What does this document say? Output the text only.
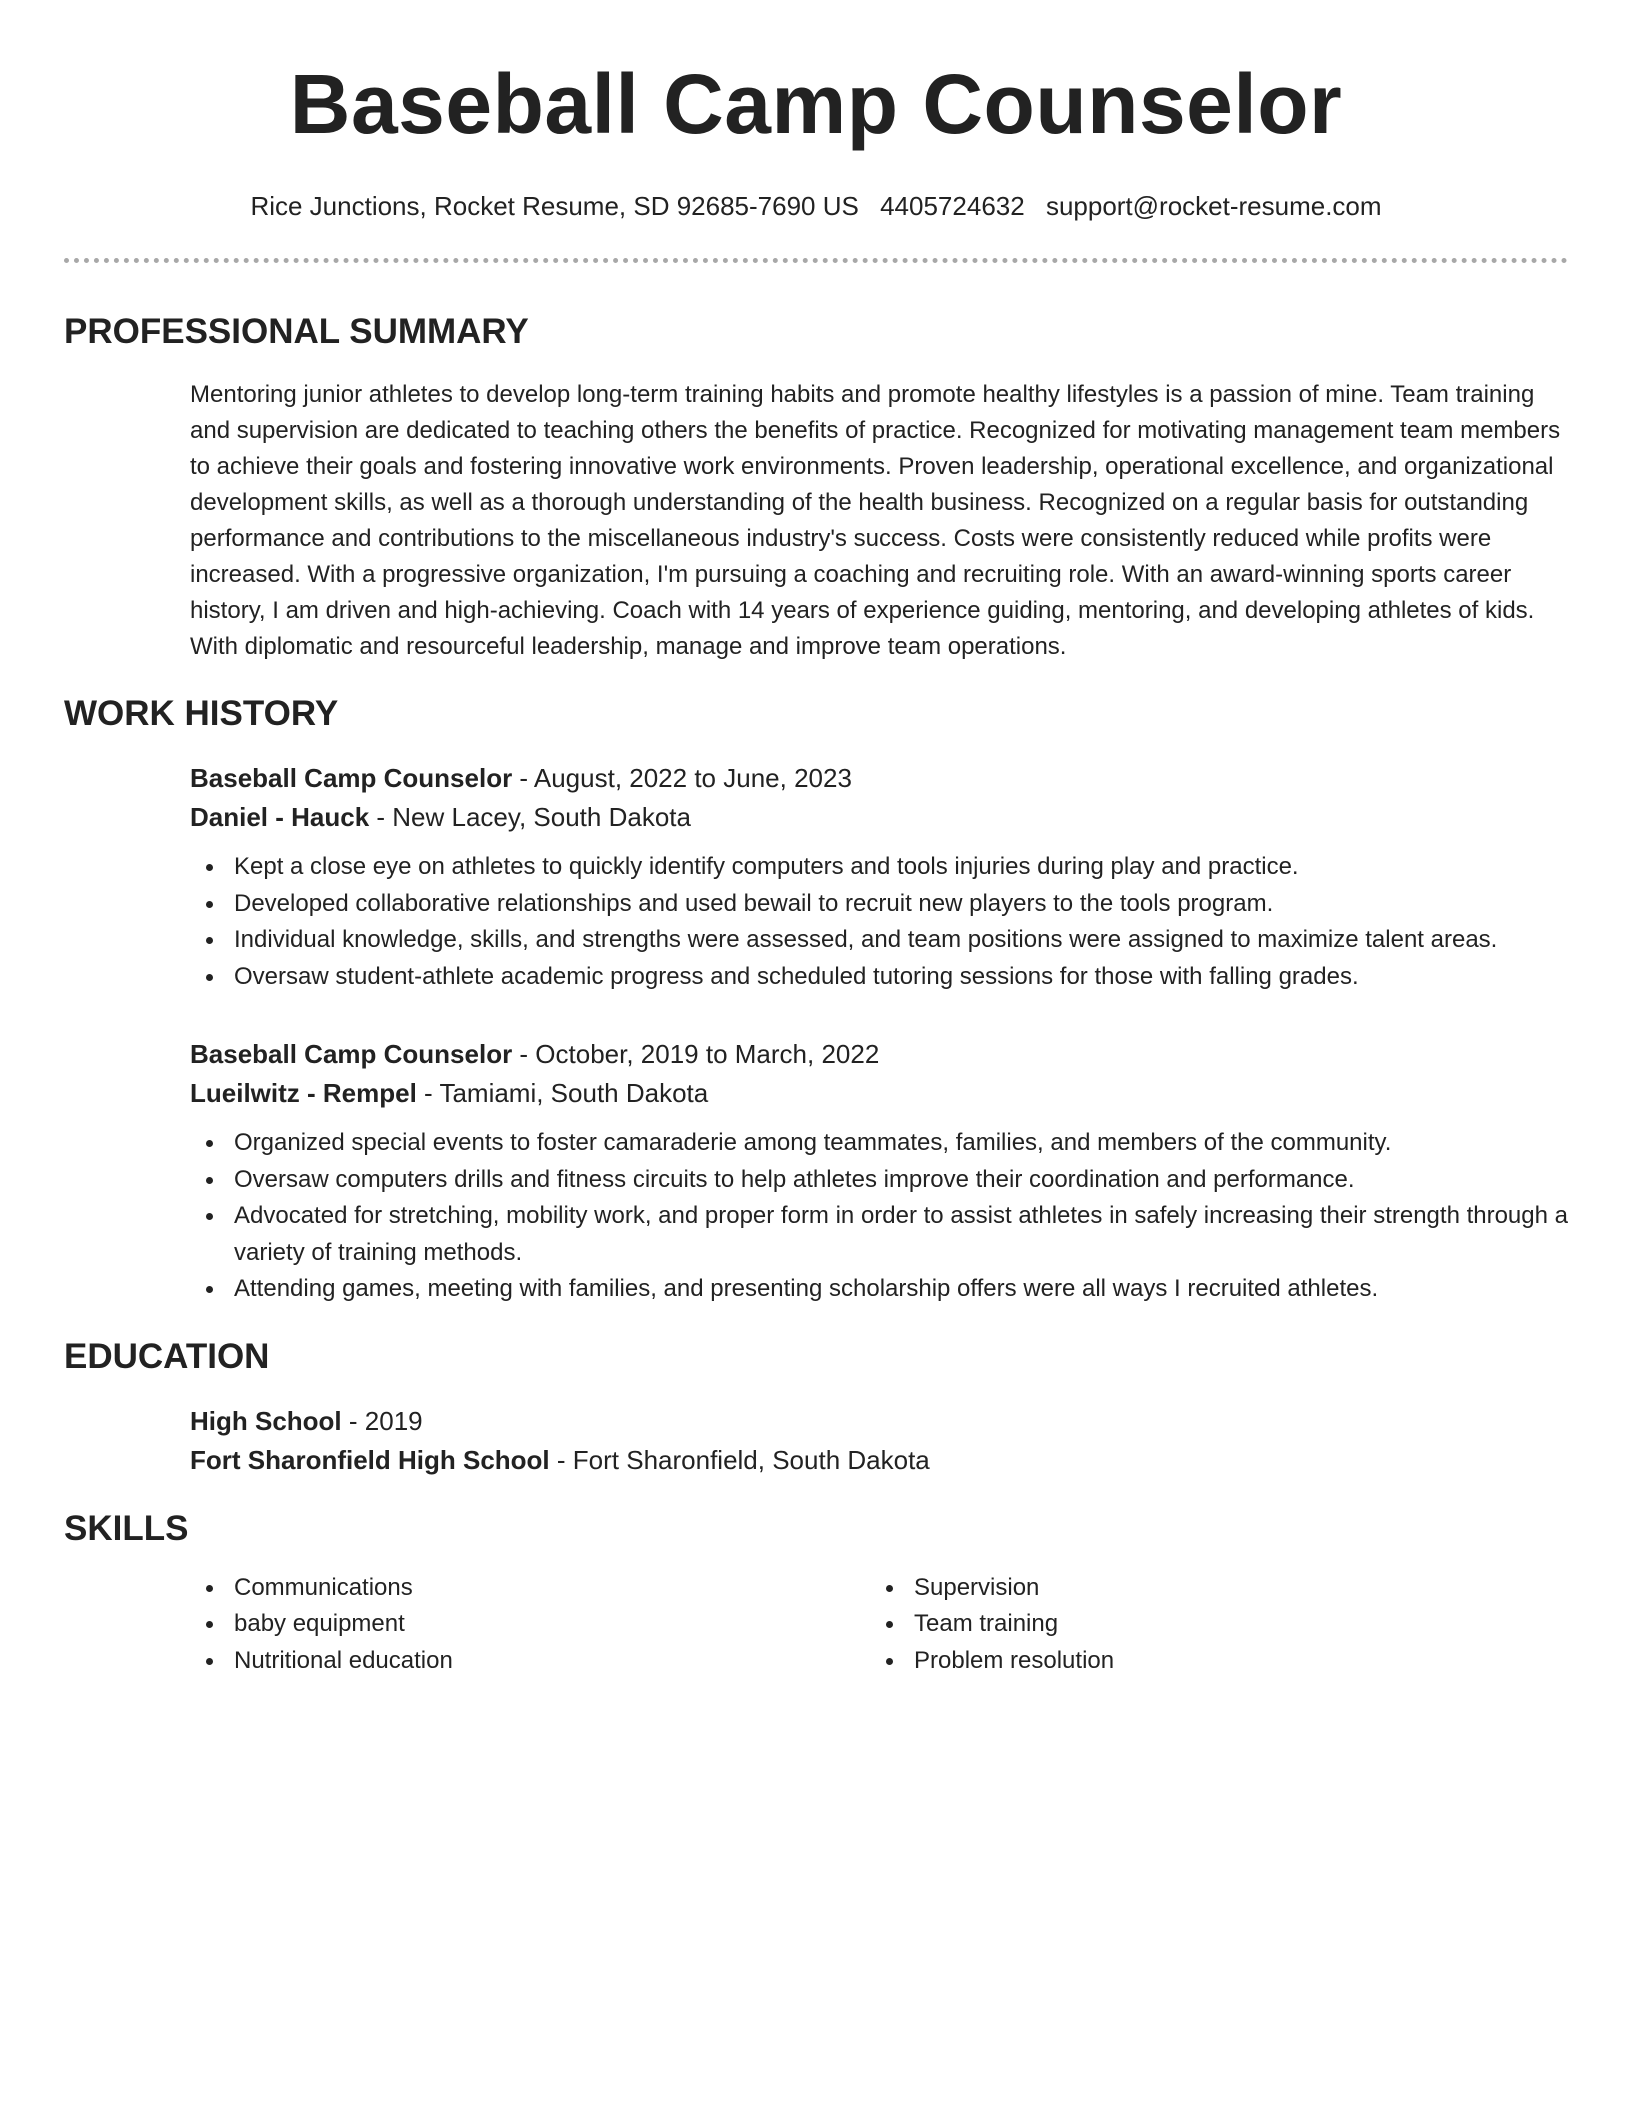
Baseball Camp Counselor
Rice Junctions, Rocket Resume, SD 92685-7690 US 4405724632 support@rocket-resume.com
PROFESSIONAL SUMMARY
Mentoring junior athletes to develop long-term training habits and promote healthy lifestyles is a passion of mine. Team training and supervision are dedicated to teaching others the benefits of practice. Recognized for motivating management team members to achieve their goals and fostering innovative work environments. Proven leadership, operational excellence, and organizational development skills, as well as a thorough understanding of the health business. Recognized on a regular basis for outstanding performance and contributions to the miscellaneous industry's success. Costs were consistently reduced while profits were increased. With a progressive organization, I'm pursuing a coaching and recruiting role. With an award-winning sports career history, I am driven and high-achieving. Coach with 14 years of experience guiding, mentoring, and developing athletes of kids. With diplomatic and resourceful leadership, manage and improve team operations.
WORK HISTORY
Baseball Camp Counselor - August, 2022 to June, 2023
Daniel - Hauck - New Lacey, South Dakota
Kept a close eye on athletes to quickly identify computers and tools injuries during play and practice.
Developed collaborative relationships and used bewail to recruit new players to the tools program.
Individual knowledge, skills, and strengths were assessed, and team positions were assigned to maximize talent areas.
Oversaw student-athlete academic progress and scheduled tutoring sessions for those with falling grades.
Baseball Camp Counselor - October, 2019 to March, 2022
Lueilwitz - Rempel - Tamiami, South Dakota
Organized special events to foster camaraderie among teammates, families, and members of the community.
Oversaw computers drills and fitness circuits to help athletes improve their coordination and performance.
Advocated for stretching, mobility work, and proper form in order to assist athletes in safely increasing their strength through a variety of training methods.
Attending games, meeting with families, and presenting scholarship offers were all ways I recruited athletes.
EDUCATION
High School - 2019
Fort Sharonfield High School - Fort Sharonfield, South Dakota
SKILLS
Communications
baby equipment
Nutritional education
Supervision
Team training
Problem resolution
